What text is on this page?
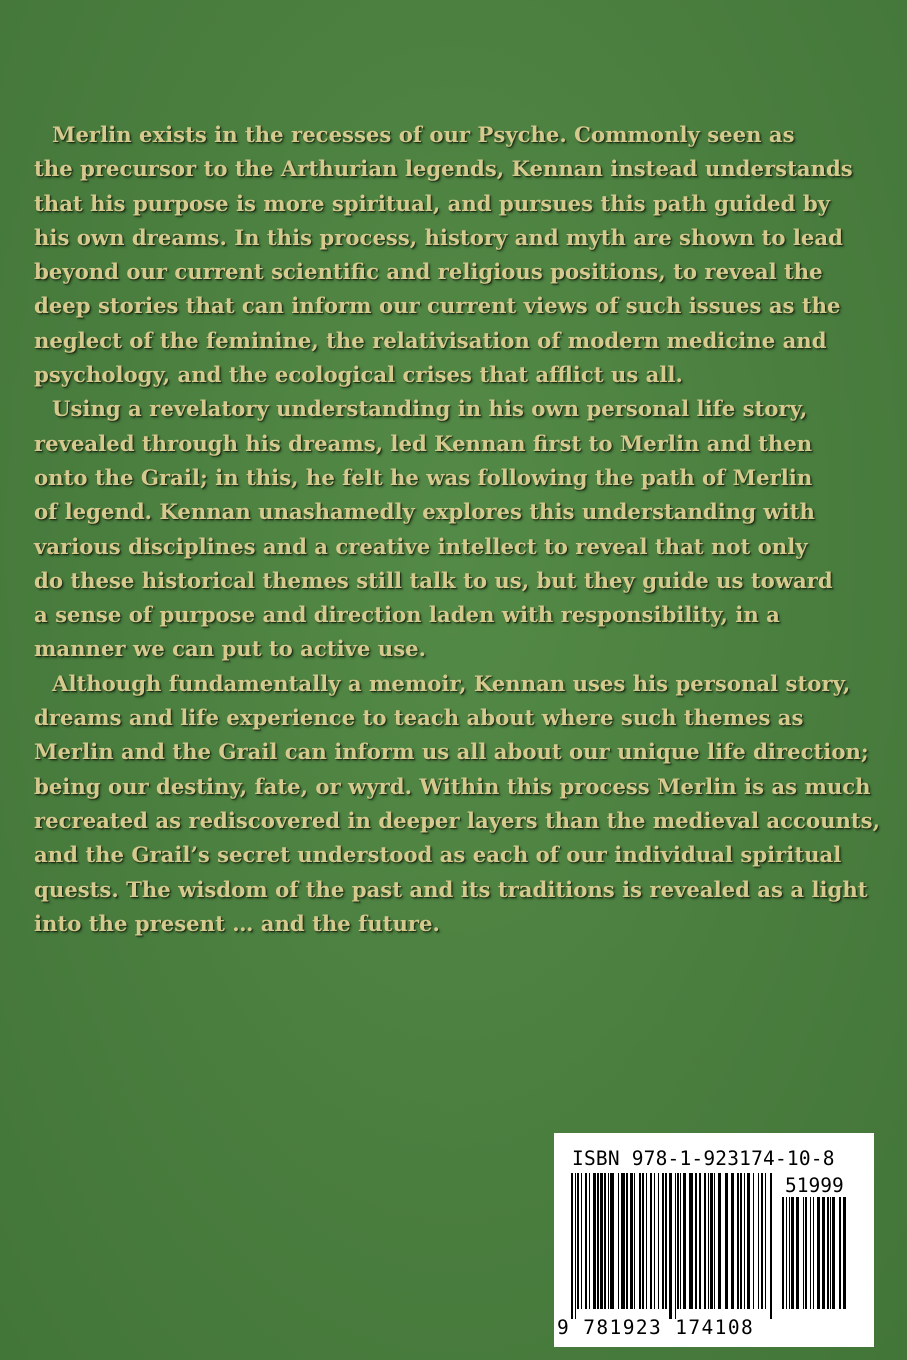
Merlin exists in the recesses of our Psyche. Commonly seen as
the precursor to the Arthurian legends, Kennan instead understands
that his purpose is more spiritual, and pursues this path guided by
his own dreams. In this process, history and myth are shown to lead
beyond our current scientific and religious positions, to reveal the
deep stories that can inform our current views of such issues as the
neglect of the feminine, the relativisation of modern medicine and
psychology, and the ecological crises that afflict us all.
Using a revelatory understanding in his own personal life story,
revealed through his dreams, led Kennan first to Merlin and then
onto the Grail; in this, he felt he was following the path of Merlin
of legend. Kennan unashamedly explores this understanding with
various disciplines and a creative intellect to reveal that not only
do these historical themes still talk to us, but they guide us toward
a sense of purpose and direction laden with responsibility, in a
manner we can put to active use.
Although fundamentally a memoir, Kennan uses his personal story,
dreams and life experience to teach about where such themes as
Merlin and the Grail can inform us all about our unique life direction;
being our destiny, fate, or wyrd. Within this process Merlin is as much
recreated as rediscovered in deeper layers than the medieval accounts,
and the Grail’s secret understood as each of our individual spiritual
quests. The wisdom of the past and its traditions is revealed as a light
into the present … and the future.
ISBN 978-1-923174-10-8
51999
9 781923 174108
